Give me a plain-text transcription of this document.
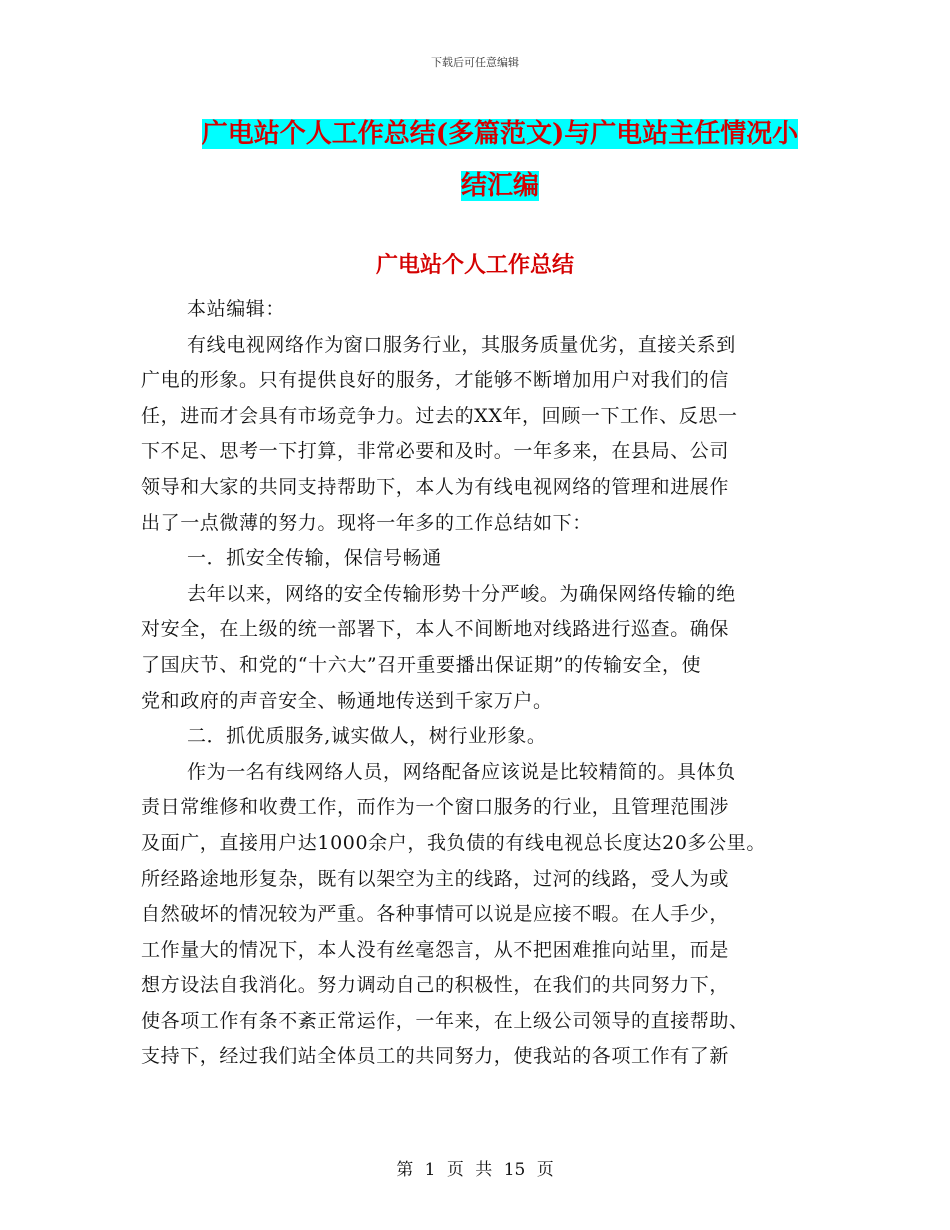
下载后可任意编辑
广电站个人工作总结(多篇范文)与广电站主任情况小
结汇编
广电站个人工作总结
本站编辑：
有线电视网络作为窗口服务行业，其服务质量优劣，直接关系到
广电的形象。只有提供良好的服务，才能够不断增加用户对我们的信
任，进而才会具有市场竞争力。过去的XX年，回顾一下工作、反思一
下不足、思考一下打算，非常必要和及时。一年多来，在县局、公司
领导和大家的共同支持帮助下，本人为有线电视网络的管理和进展作
出了一点微薄的努力。现将一年多的工作总结如下：
一．抓安全传输，保信号畅通
去年以来，网络的安全传输形势十分严峻。为确保网络传输的绝
对安全，在上级的统一部署下，本人不间断地对线路进行巡查。确保
了国庆节、和党的“十六大”召开重要播出保证期”的传输安全，使
党和政府的声音安全、畅通地传送到千家万户。
二．抓优质服务,诚实做人，树行业形象。
作为一名有线网络人员，网络配备应该说是比较精简的。具体负
责日常维修和收费工作，而作为一个窗口服务的行业，且管理范围涉
及面广，直接用户达1000余户，我负债的有线电视总长度达20多公里。
所经路途地形复杂，既有以架空为主的线路，过河的线路，受人为或
自然破坏的情况较为严重。各种事情可以说是应接不暇。在人手少，
工作量大的情况下，本人没有丝毫怨言，从不把困难推向站里，而是
想方设法自我消化。努力调动自己的积极性，在我们的共同努力下，
使各项工作有条不紊正常运作，一年来，在上级公司领导的直接帮助、
支持下，经过我们站全体员工的共同努力，使我站的各项工作有了新
第 1 页 共 15 页
